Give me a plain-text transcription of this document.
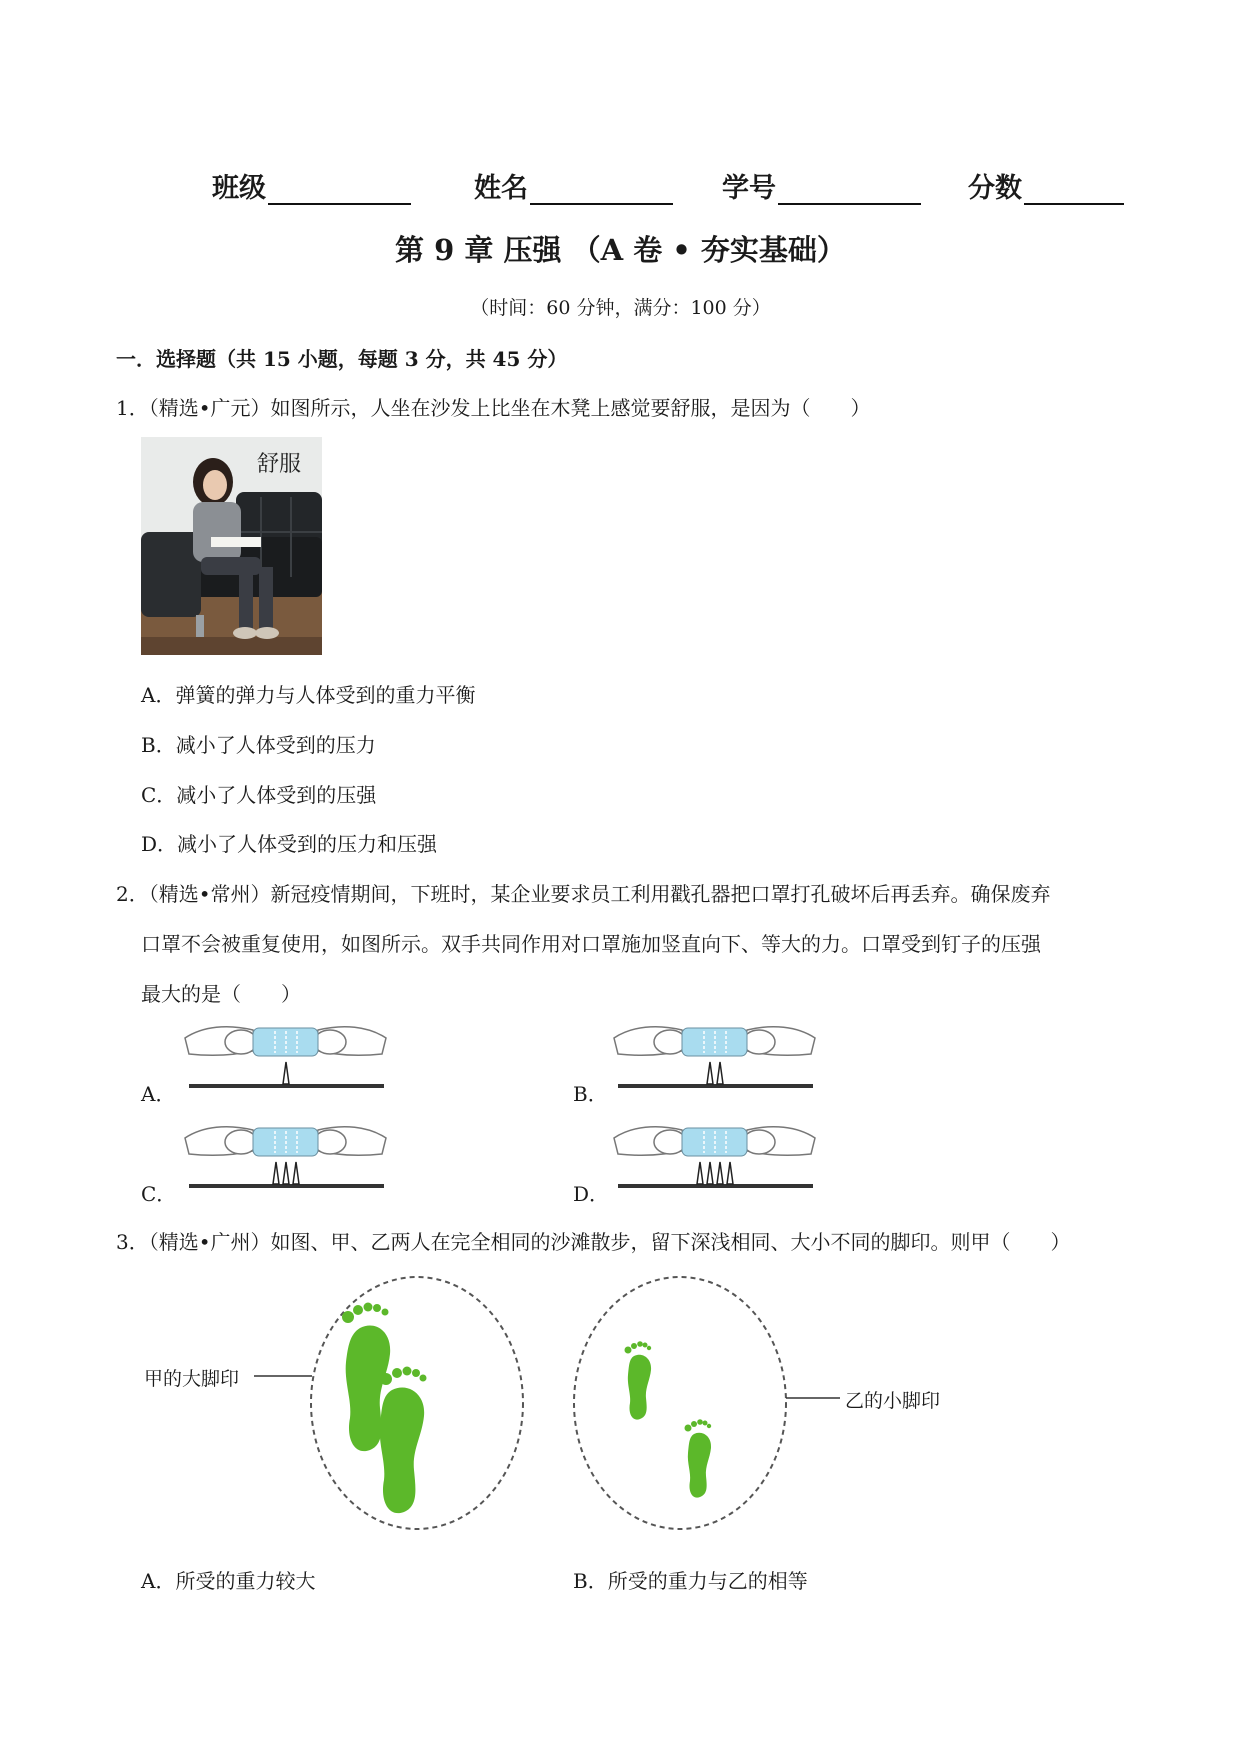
班级	姓名	学号	分数
第 9 章 压强 （A 卷 • 夯实基础）
（时间：60 分钟，满分：100 分）
一．选择题（共 15 小题，每题 3 分，共 45 分）
1．（精选•广元）如图所示，人坐在沙发上比坐在木凳上感觉要舒服，是因为（　　）
舒服
A．弹簧的弹力与人体受到的重力平衡
B．减小了人体受到的压力
C．减小了人体受到的压强
D．减小了人体受到的压力和压强
2．（精选•常州）新冠疫情期间，下班时，某企业要求员工利用戳孔器把口罩打孔破坏后再丢弃。确保废弃
口罩不会被重复使用，如图所示。双手共同作用对口罩施加竖直向下、等大的力。口罩受到钉子的压强
最大的是（　　）
A．	B．
C．	D．
3．（精选•广州）如图、甲、乙两人在完全相同的沙滩散步，留下深浅相同、大小不同的脚印。则甲（　　）
甲的大脚印
乙的小脚印
A．所受的重力较大	B．所受的重力与乙的相等
